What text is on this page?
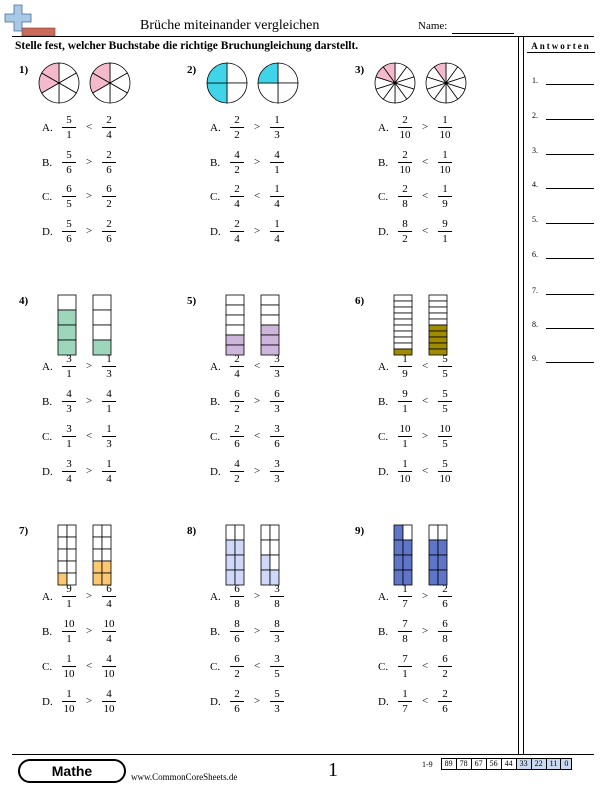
Brüche miteinander vergleichen	Name:
Stelle fest, welcher Buchstabe die richtige Bruchungleichung darstellt.	Antworten
1.
2.
3.
4.
5.
6.
7.
8.
9.
1)
A. $\frac{5}{1} < \frac{2}{4}$
B. $\frac{5}{6} > \frac{2}{6}$
C. $\frac{6}{5} > \frac{6}{2}$
D. $\frac{5}{6} > \frac{2}{6}$
2)
A. $\frac{2}{2} > \frac{1}{3}$
B. $\frac{4}{2} > \frac{4}{1}$
C. $\frac{2}{4} < \frac{1}{4}$
D. $\frac{2}{4} > \frac{1}{4}$
3)
A. $\frac{2}{10} > \frac{1}{10}$
B. $\frac{2}{10} < \frac{1}{10}$
C. $\frac{2}{8} < \frac{1}{9}$
D. $\frac{8}{2} < \frac{9}{1}$
4)
A. $\frac{3}{1} > \frac{1}{3}$
B. $\frac{4}{3} > \frac{4}{1}$
C. $\frac{3}{1} < \frac{1}{3}$
D. $\frac{3}{4} > \frac{1}{4}$
5)
A. $\frac{2}{4} < \frac{3}{3}$
B. $\frac{6}{2} > \frac{6}{3}$
C. $\frac{2}{6} < \frac{3}{6}$
D. $\frac{4}{2} > \frac{3}{3}$
6)
A. $\frac{1}{9} < \frac{5}{5}$
B. $\frac{9}{1} < \frac{5}{5}$
C. $\frac{10}{1} > \frac{10}{5}$
D. $\frac{1}{10} < \frac{5}{10}$
7)
A. $\frac{9}{1} > \frac{6}{4}$
B. $\frac{10}{1} > \frac{10}{4}$
C. $\frac{1}{10} < \frac{4}{10}$
D. $\frac{1}{10} > \frac{4}{10}$
8)
A. $\frac{6}{8} > \frac{3}{8}$
B. $\frac{8}{6} > \frac{8}{3}$
C. $\frac{6}{2} < \frac{3}{5}$
D. $\frac{2}{6} > \frac{5}{3}$
9)
A. $\frac{1}{7} > \frac{2}{6}$
B. $\frac{7}{8} > \frac{6}{8}$
C. $\frac{7}{1} < \frac{6}{2}$
D. $\frac{1}{7} < \frac{2}{6}$
Mathe	www.CommonCoreSheets.de	1	1-9	89 78 67 56 44 33 22 11 0
